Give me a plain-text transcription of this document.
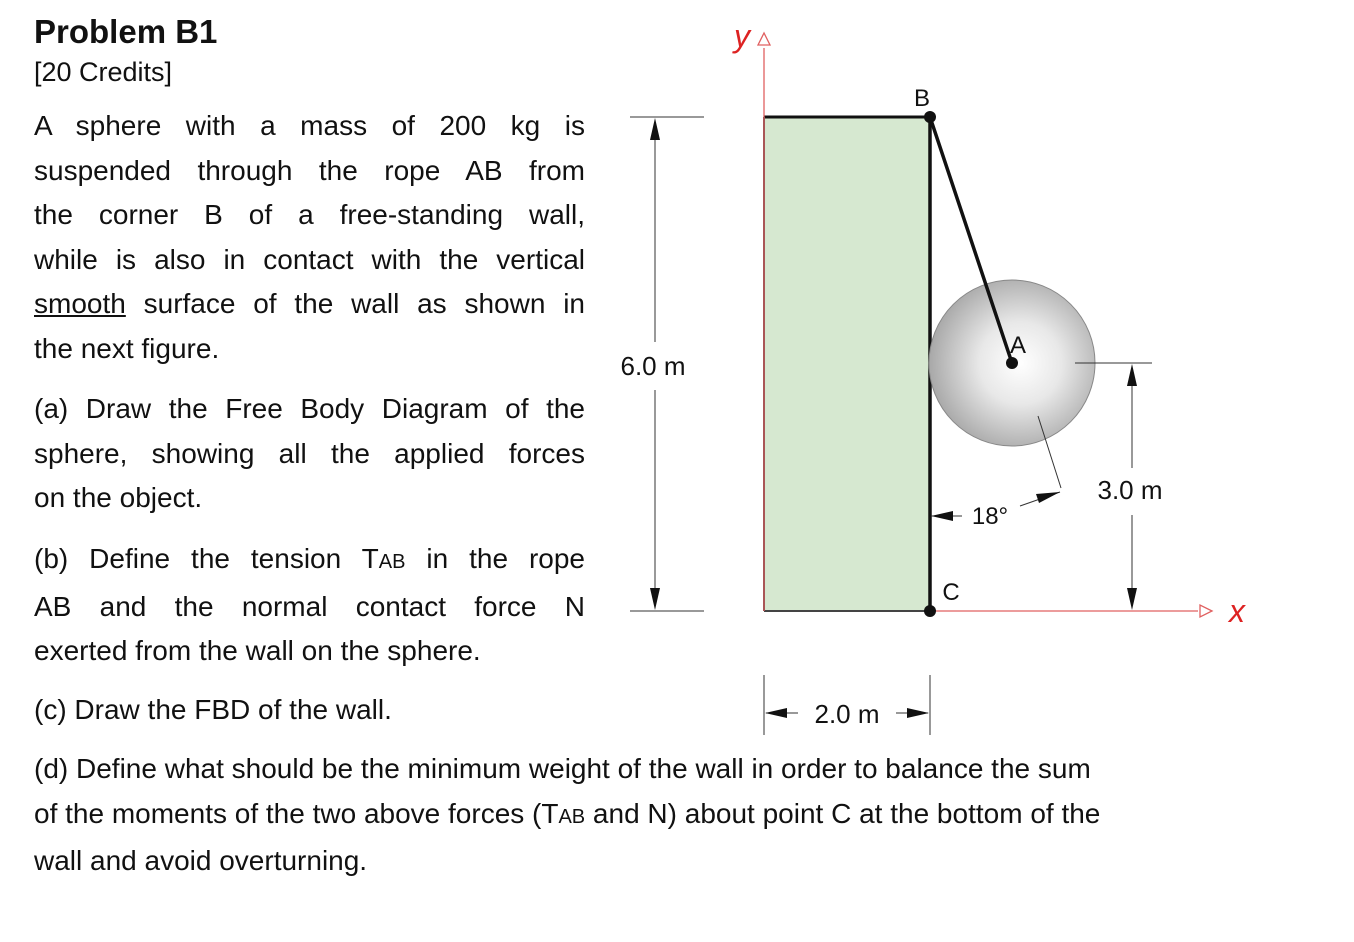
Problem B1
[20 Credits]
A sphere with a mass of 200 kg is
suspended through the rope AB from
the corner B of a free-standing wall,
while is also in contact with the vertical
smooth surface of the wall as shown in
the next figure.
(a) Draw the Free Body Diagram of the
sphere, showing all the applied forces
on the object.
(b) Define the tension TAB in the rope
AB and the normal contact force N
exerted from the wall on the sphere.
(c) Draw the FBD of the wall.
(d) Define what should be the minimum weight of the wall in order to balance the sum
of the moments of the two above forces (TAB and N) about point C at the bottom of the
wall and avoid overturning.
y
x
B
A
C
6.0 m
3.0 m
2.0 m
18°
